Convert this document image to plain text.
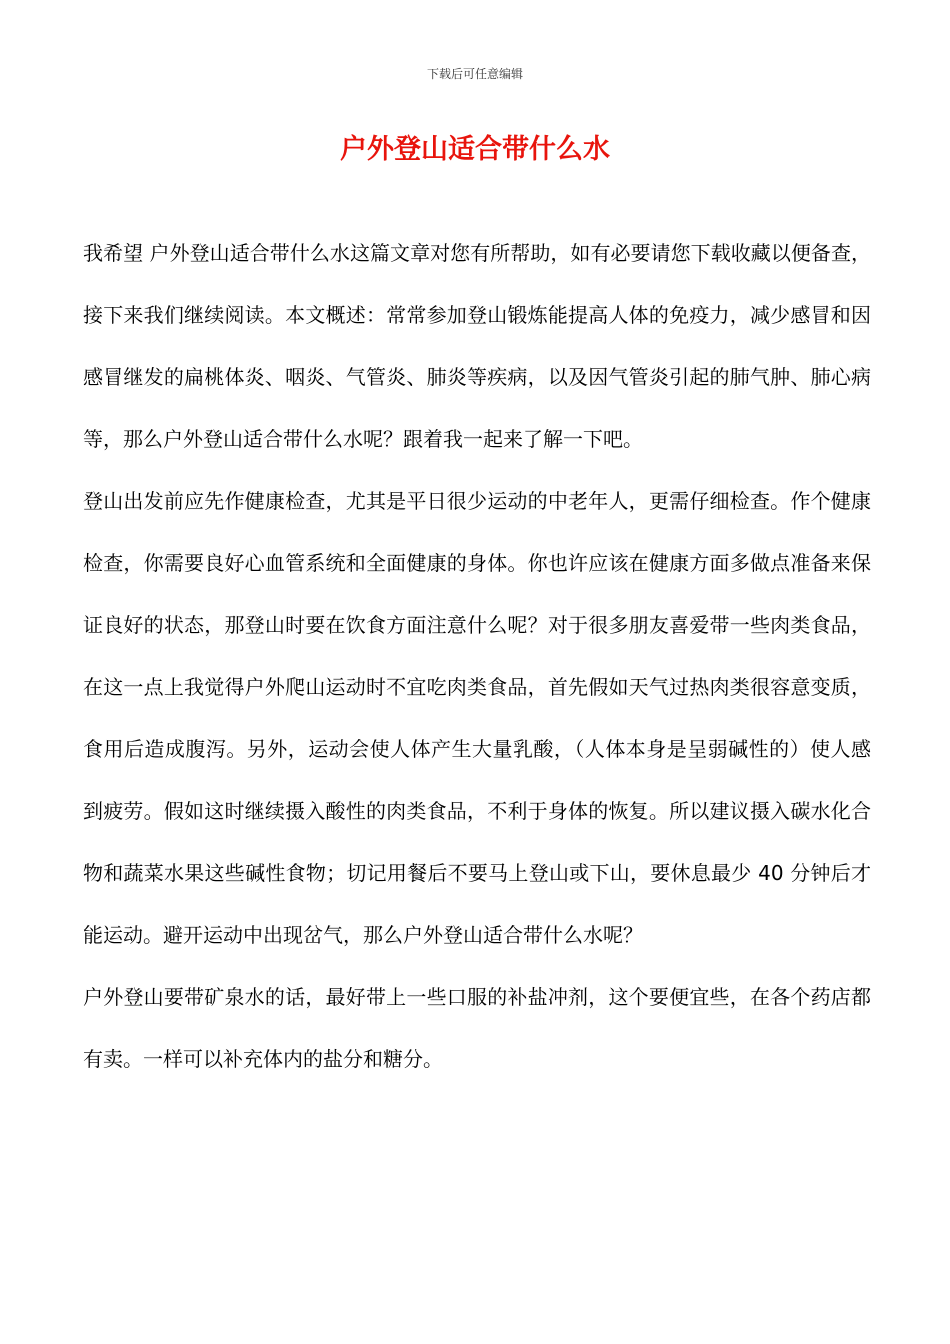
下载后可任意编辑
户外登山适合带什么水

我希望 户外登山适合带什么水这篇文章对您有所帮助，如有必要请您下载收藏以便备查，接下来我们继续阅读。本文概述：常常参加登山锻炼能提高人体的免疫力，减少感冒和因感冒继发的扁桃体炎、咽炎、气管炎、肺炎等疾病，以及因气管炎引起的肺气肿、肺心病等，那么户外登山适合带什么水呢？跟着我一起来了解一下吧。

登山出发前应先作健康检查，尤其是平日很少运动的中老年人，更需仔细检查。作个健康检查，你需要良好心血管系统和全面健康的身体。你也许应该在健康方面多做点准备来保证良好的状态，那登山时要在饮食方面注意什么呢？对于很多朋友喜爱带一些肉类食品，在这一点上我觉得户外爬山运动时不宜吃肉类食品，首先假如天气过热肉类很容意变质，食用后造成腹泻。另外，运动会使人体产生大量乳酸，（人体本身是呈弱碱性的）使人感到疲劳。假如这时继续摄入酸性的肉类食品，不利于身体的恢复。所以建议摄入碳水化合物和蔬菜水果这些碱性食物；切记用餐后不要马上登山或下山，要休息最少 40 分钟后才能运动。避开运动中出现岔气，那么户外登山适合带什么水呢？

户外登山要带矿泉水的话，最好带上一些口服的补盐冲剂，这个要便宜些，在各个药店都有卖。一样可以补充体内的盐分和糖分。
